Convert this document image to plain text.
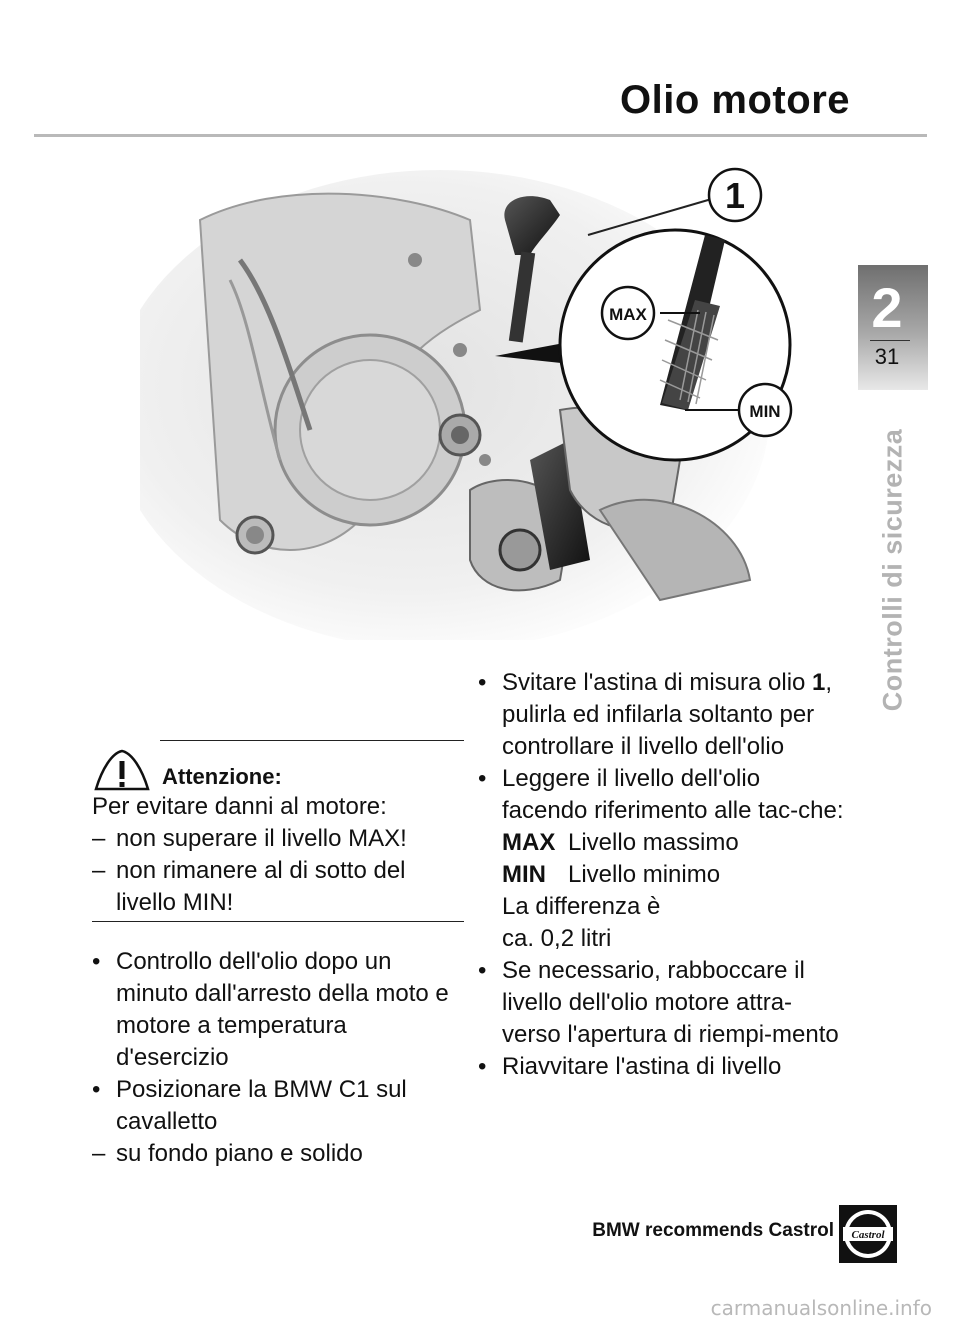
Olio motore
1
MAX
MIN
2
31
Controlli di sicurezza
Attenzione:
Per evitare danni al motore:
– non superare il livello MAX!
– non rimanere al di sotto del livello MIN!
• Controllo dell'olio dopo un minuto dall'arresto della moto e motore a temperatura d'esercizio
• Posizionare la BMW C1 sul cavalletto
– su fondo piano e solido
• Svitare l'astina di misura olio 1, pulirla ed infilarla soltanto per controllare il livello dell'olio
• Leggere il livello dell'olio facendo riferimento alle tac-che:
MAX Livello massimo
MIN Livello minimo
La differenza è
ca. 0,2 litri
• Se necessario, rabboccare il livello dell'olio motore attra-verso l'apertura di riempi-mento
• Riavvitare l'astina di livello
BMW recommends Castrol Castrol
carmanualsonline.info
